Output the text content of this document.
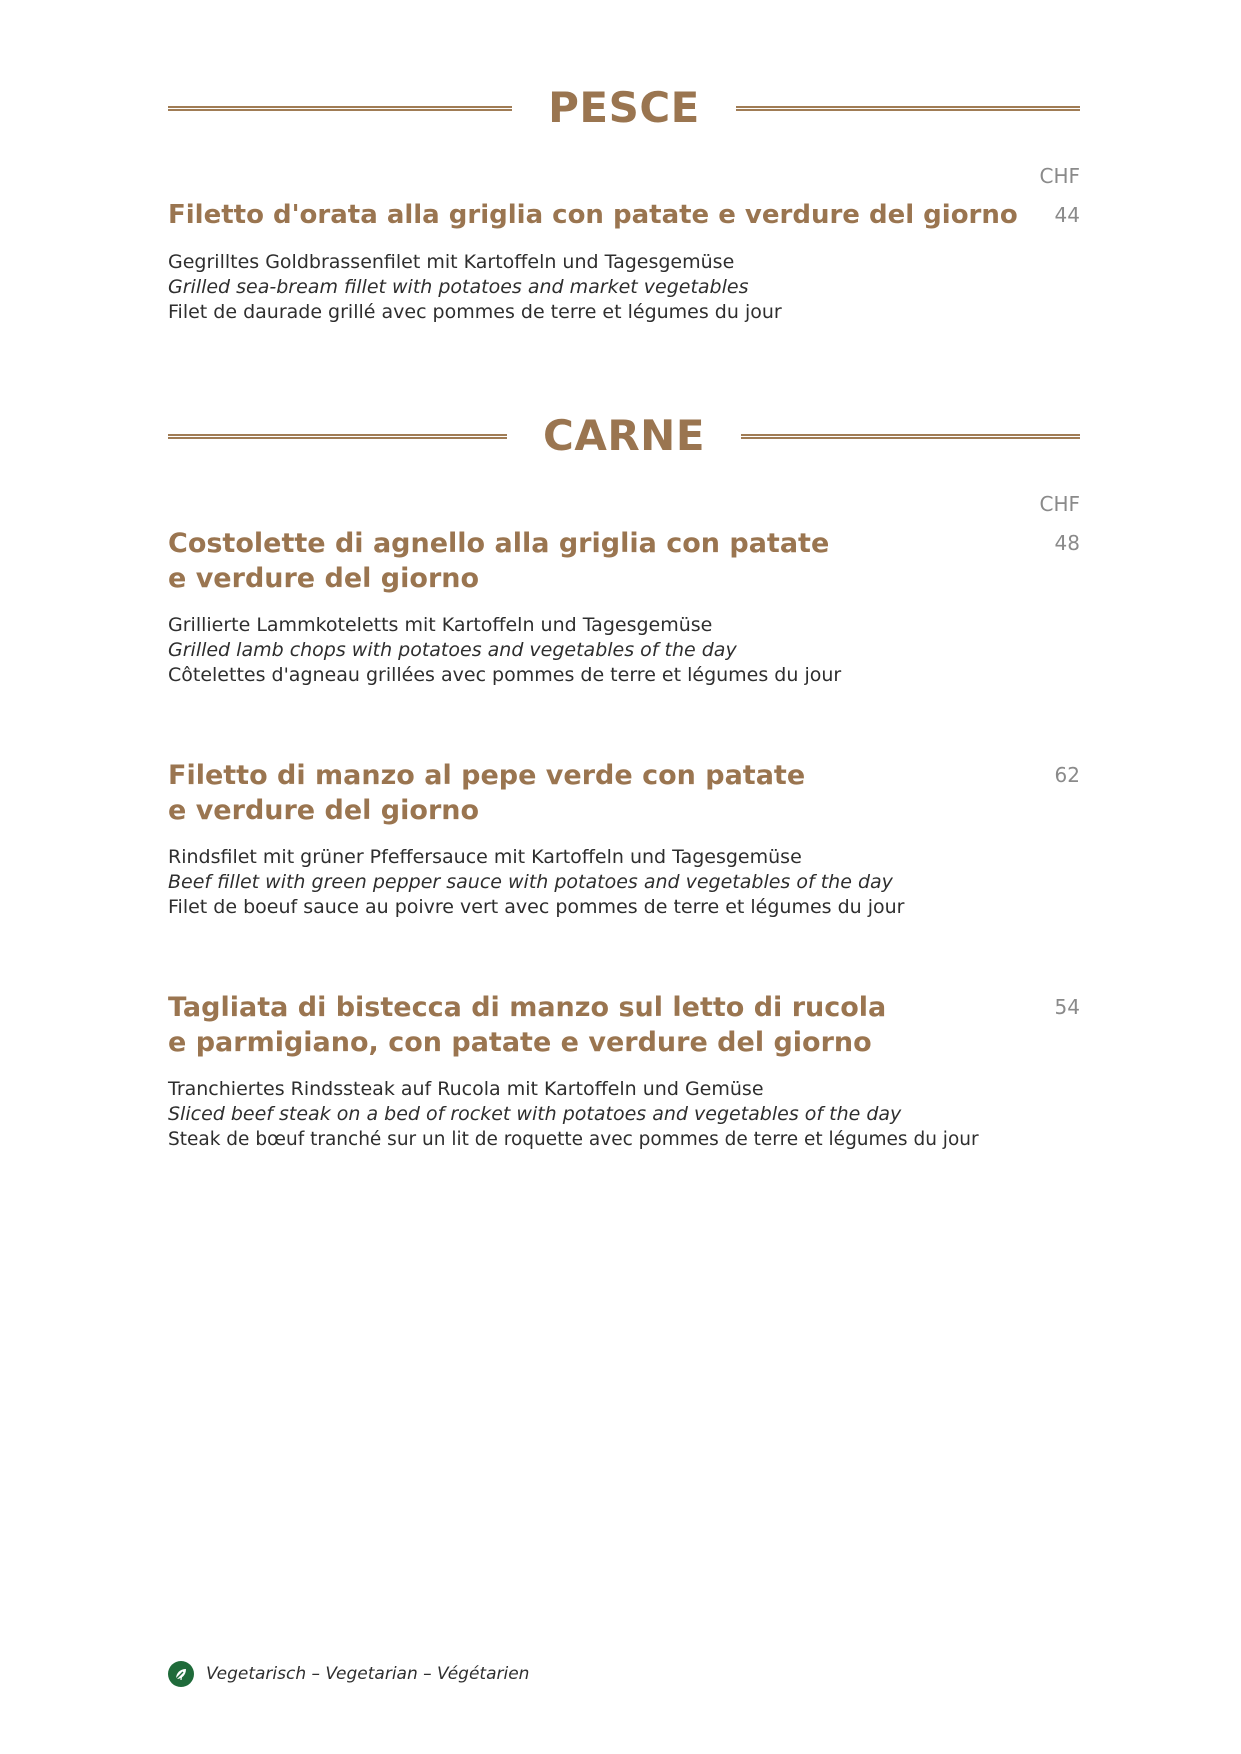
PESCE
CHF
Filetto d'orata alla griglia con patate e verdure del giorno	44
Gegrilltes Goldbrassenfilet mit Kartoffeln und Tagesgemüse
Grilled sea-bream fillet with potatoes and market vegetables
Filet de daurade grillé avec pommes de terre et légumes du jour
CARNE
CHF
Costolette di agnello alla griglia con patate
e verdure del giorno
48
Grillierte Lammkoteletts mit Kartoffeln und Tagesgemüse
Grilled lamb chops with potatoes and vegetables of the day
Côtelettes d'agneau grillées avec pommes de terre et légumes du jour
Filetto di manzo al pepe verde con patate
e verdure del giorno
62
Rindsfilet mit grüner Pfeffersauce mit Kartoffeln und Tagesgemüse
Beef fillet with green pepper sauce with potatoes and vegetables of the day
Filet de boeuf sauce au poivre vert avec pommes de terre et légumes du jour
Tagliata di bistecca di manzo sul letto di rucola
e parmigiano, con patate e verdure del giorno
54
Tranchiertes Rindssteak auf Rucola mit Kartoffeln und Gemüse
Sliced beef steak on a bed of rocket with potatoes and vegetables of the day
Steak de bœuf tranché sur un lit de roquette avec pommes de terre et légumes du jour
Vegetarisch – Vegetarian – Végétarien
